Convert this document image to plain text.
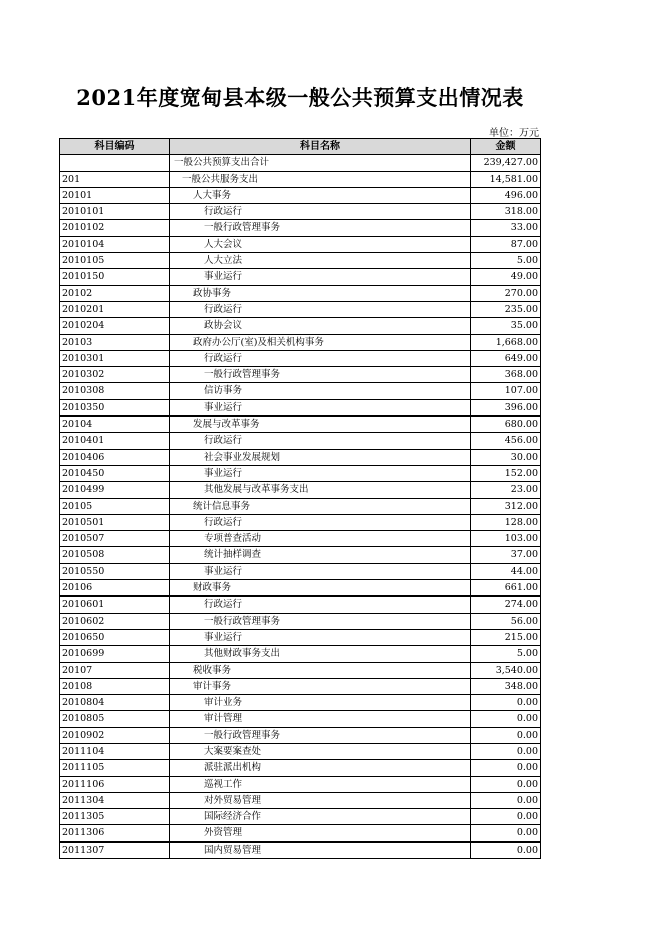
2021年度宽甸县本级一般公共预算支出情况表
单位：万元
科目编码	科目名称	金额
	一般公共预算支出合计	239,427.00
201	一般公共服务支出	14,581.00
20101	人大事务	496.00
2010101	行政运行	318.00
2010102	一般行政管理事务	33.00
2010104	人大会议	87.00
2010105	人大立法	5.00
2010150	事业运行	49.00
20102	政协事务	270.00
2010201	行政运行	235.00
2010204	政协会议	35.00
20103	政府办公厅(室)及相关机构事务	1,668.00
2010301	行政运行	649.00
2010302	一般行政管理事务	368.00
2010308	信访事务	107.00
2010350	事业运行	396.00
20104	发展与改革事务	680.00
2010401	行政运行	456.00
2010406	社会事业发展规划	30.00
2010450	事业运行	152.00
2010499	其他发展与改革事务支出	23.00
20105	统计信息事务	312.00
2010501	行政运行	128.00
2010507	专项普查活动	103.00
2010508	统计抽样调查	37.00
2010550	事业运行	44.00
20106	财政事务	661.00
2010601	行政运行	274.00
2010602	一般行政管理事务	56.00
2010650	事业运行	215.00
2010699	其他财政事务支出	5.00
20107	税收事务	3,540.00
20108	审计事务	348.00
2010804	审计业务	0.00
2010805	审计管理	0.00
2010902	一般行政管理事务	0.00
2011104	大案要案查处	0.00
2011105	派驻派出机构	0.00
2011106	巡视工作	0.00
2011304	对外贸易管理	0.00
2011305	国际经济合作	0.00
2011306	外资管理	0.00
2011307	国内贸易管理	0.00
